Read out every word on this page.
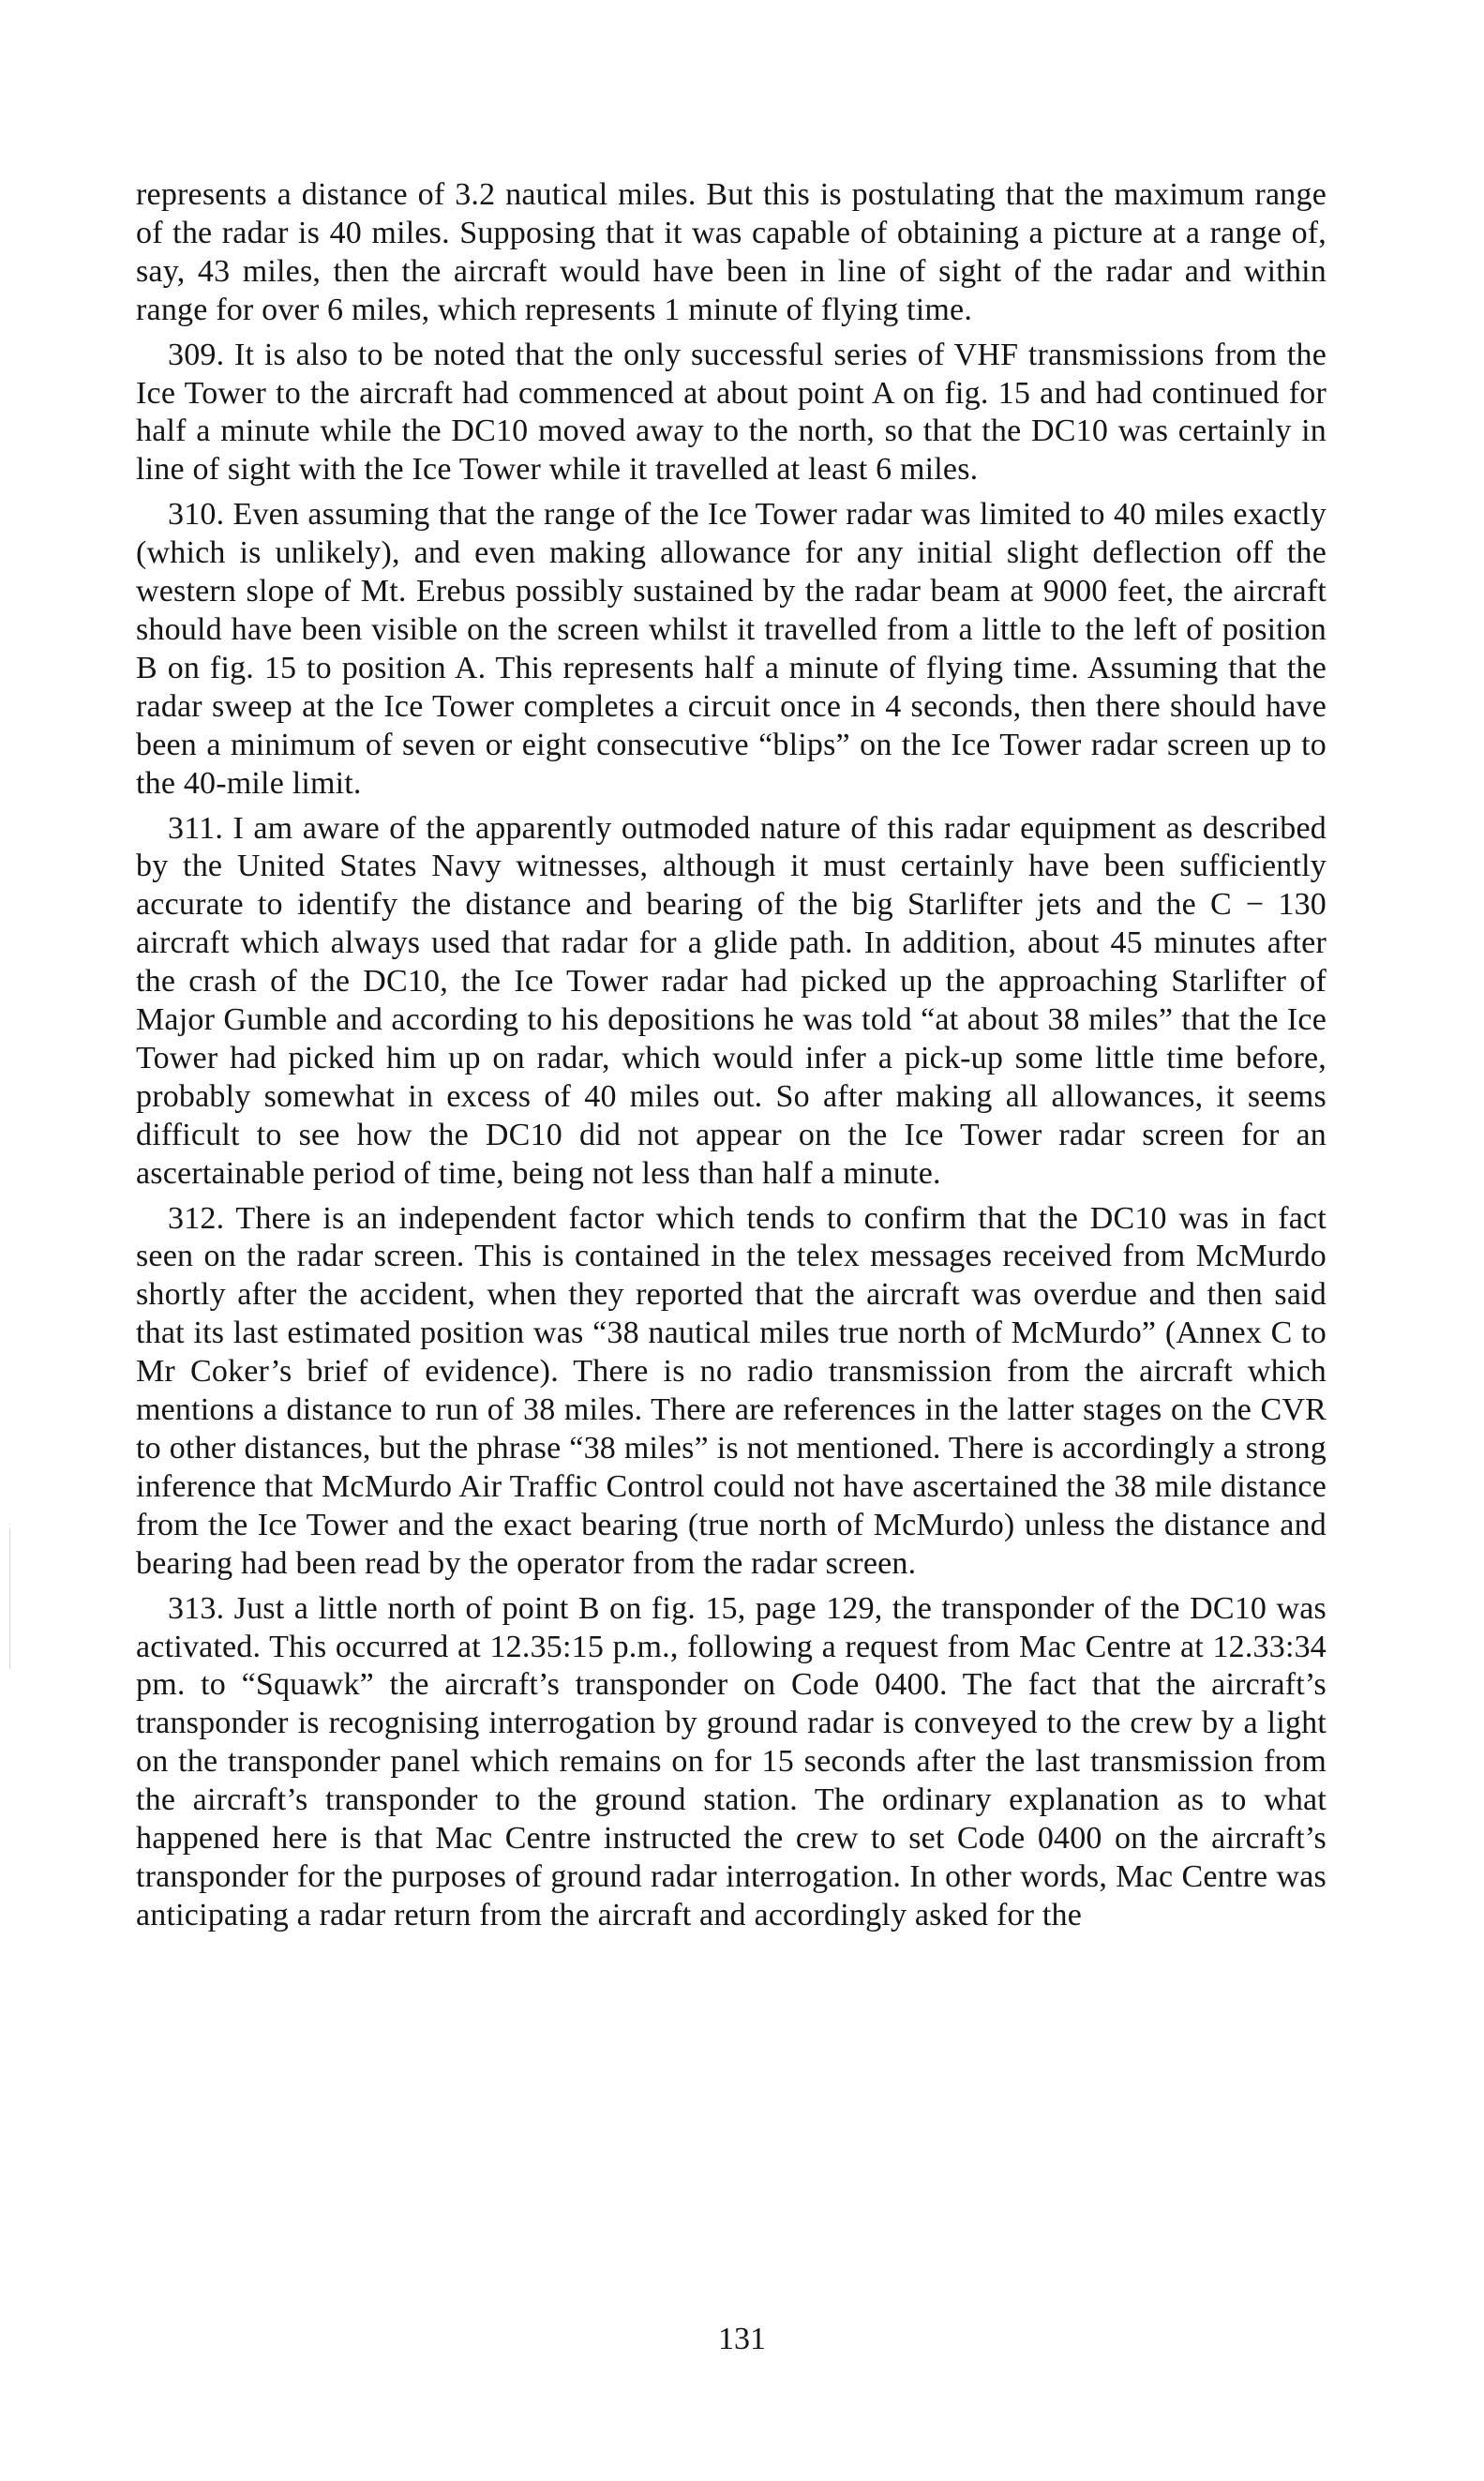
represents a distance of 3.2 nautical miles. But this is postulating that the maximum range of the radar is 40 miles. Supposing that it was capable of obtaining a picture at a range of, say, 43 miles, then the aircraft would have been in line of sight of the radar and within range for over 6 miles, which represents 1 minute of flying time.

309. It is also to be noted that the only successful series of VHF transmissions from the Ice Tower to the aircraft had commenced at about point A on fig. 15 and had continued for half a minute while the DC10 moved away to the north, so that the DC10 was certainly in line of sight with the Ice Tower while it travelled at least 6 miles.

310. Even assuming that the range of the Ice Tower radar was limited to 40 miles exactly (which is unlikely), and even making allowance for any initial slight deflection off the western slope of Mt. Erebus possibly sustained by the radar beam at 9000 feet, the aircraft should have been visible on the screen whilst it travelled from a little to the left of position B on fig. 15 to position A. This represents half a minute of flying time. Assuming that the radar sweep at the Ice Tower completes a circuit once in 4 seconds, then there should have been a minimum of seven or eight consecutive “blips” on the Ice Tower radar screen up to the 40-mile limit.

311. I am aware of the apparently outmoded nature of this radar equipment as described by the United States Navy witnesses, although it must certainly have been sufficiently accurate to identify the distance and bearing of the big Starlifter jets and the C − 130 aircraft which always used that radar for a glide path. In addition, about 45 minutes after the crash of the DC10, the Ice Tower radar had picked up the approaching Starlifter of Major Gumble and according to his depositions he was told “at about 38 miles” that the Ice Tower had picked him up on radar, which would infer a pick-up some little time before, probably somewhat in excess of 40 miles out. So after making all allowances, it seems difficult to see how the DC10 did not appear on the Ice Tower radar screen for an ascertainable period of time, being not less than half a minute.

312. There is an independent factor which tends to confirm that the DC10 was in fact seen on the radar screen. This is contained in the telex messages received from McMurdo shortly after the accident, when they reported that the aircraft was overdue and then said that its last estimated position was “38 nautical miles true north of McMurdo” (Annex C to Mr Coker’s brief of evidence). There is no radio transmission from the aircraft which mentions a distance to run of 38 miles. There are references in the latter stages on the CVR to other distances, but the phrase “38 miles” is not mentioned. There is accordingly a strong inference that McMurdo Air Traffic Control could not have ascertained the 38 mile distance from the Ice Tower and the exact bearing (true north of McMurdo) unless the distance and bearing had been read by the operator from the radar screen.

313. Just a little north of point B on fig. 15, page 129, the transponder of the DC10 was activated. This occurred at 12.35:15 p.m., following a request from Mac Centre at 12.33:34 pm. to “Squawk” the aircraft’s transponder on Code 0400. The fact that the aircraft’s transponder is recognising interrogation by ground radar is conveyed to the crew by a light on the transponder panel which remains on for 15 seconds after the last transmission from the aircraft’s transponder to the ground station. The ordinary explanation as to what happened here is that Mac Centre instructed the crew to set Code 0400 on the aircraft’s transponder for the purposes of ground radar interrogation. In other words, Mac Centre was anticipating a radar return from the aircraft and accordingly asked for the

131
